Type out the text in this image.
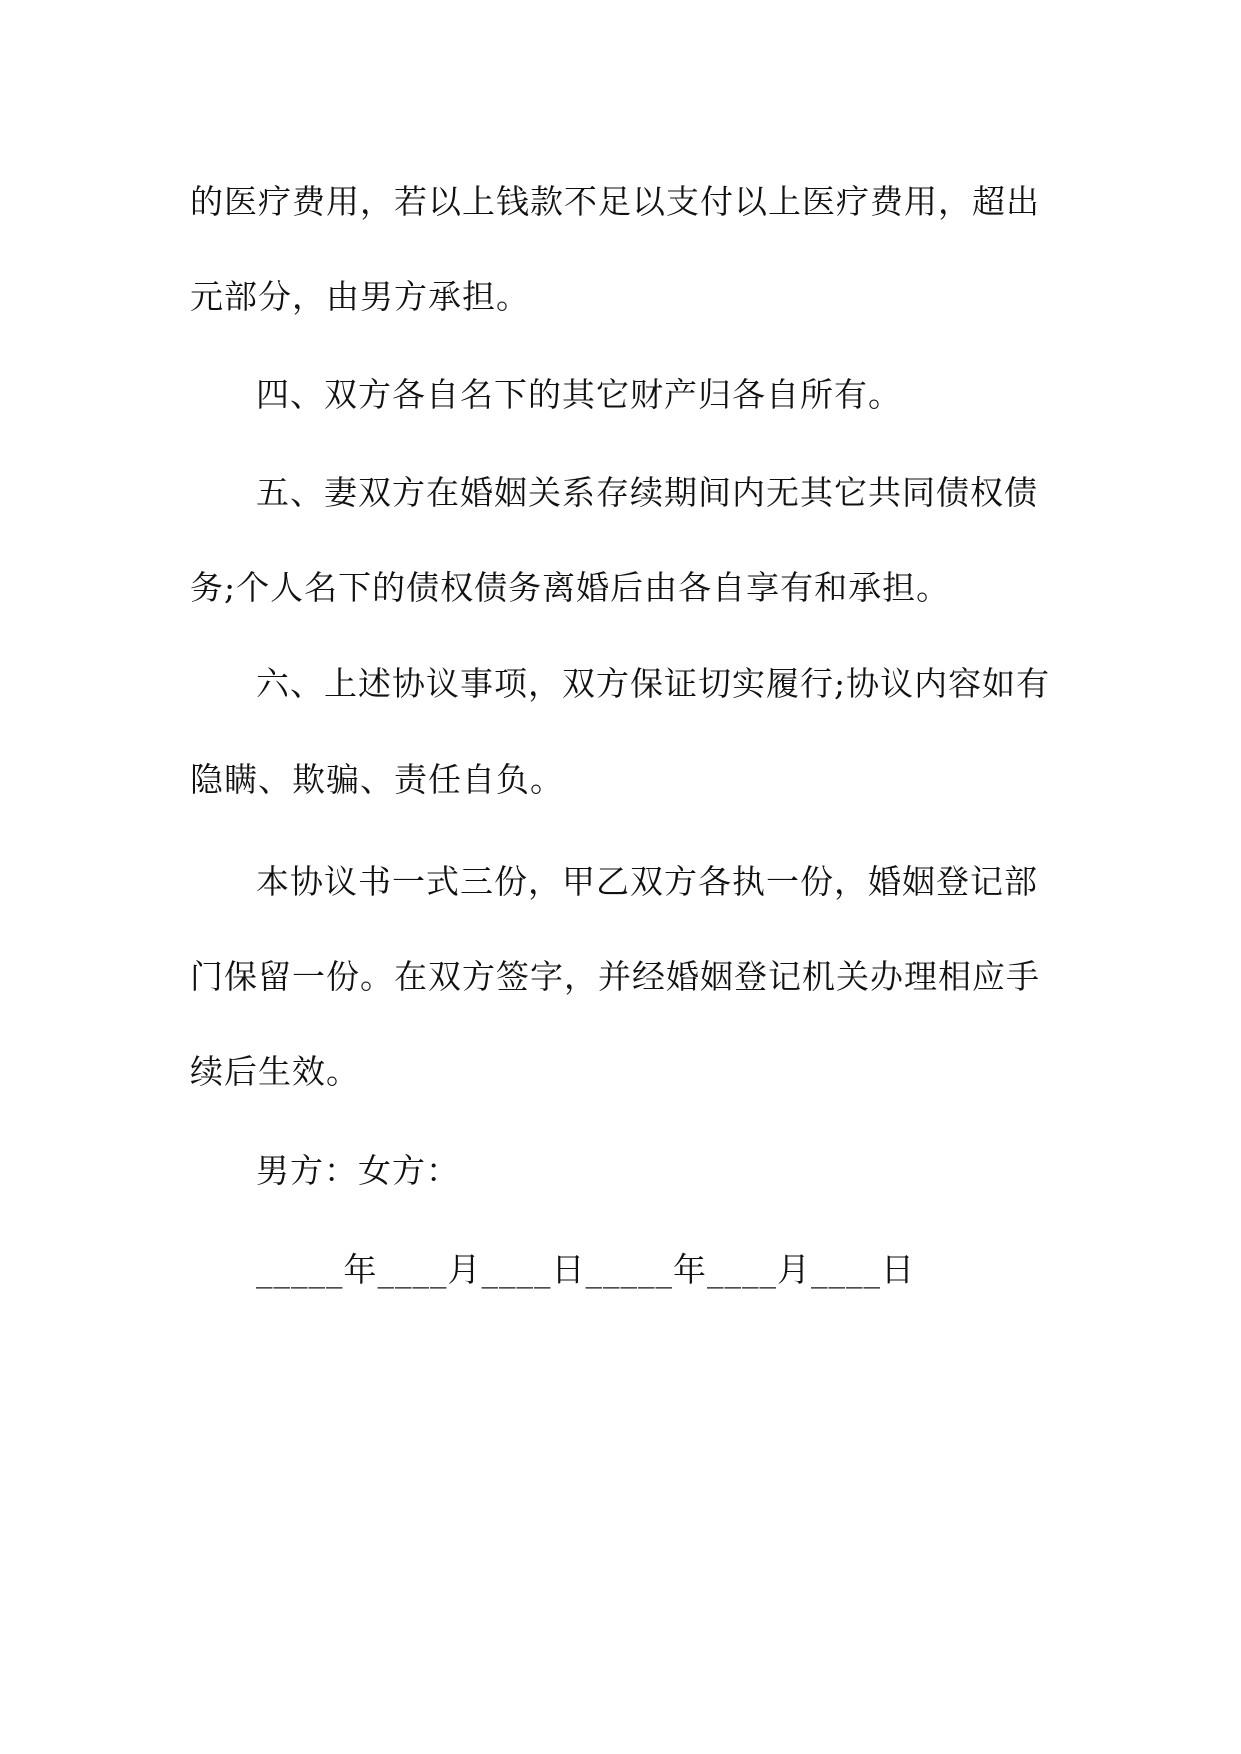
的医疗费用，若以上钱款不足以支付以上医疗费用，超出
元部分，由男方承担。
四、双方各自名下的其它财产归各自所有。
五、妻双方在婚姻关系存续期间内无其它共同债权债
务;个人名下的债权债务离婚后由各自享有和承担。
六、上述协议事项，双方保证切实履行;协议内容如有
隐瞒、欺骗、责任自负。
本协议书一式三份，甲乙双方各执一份，婚姻登记部
门保留一份。在双方签字，并经婚姻登记机关办理相应手
续后生效。
男方：女方：
_____年____月____日_____年____月____日
